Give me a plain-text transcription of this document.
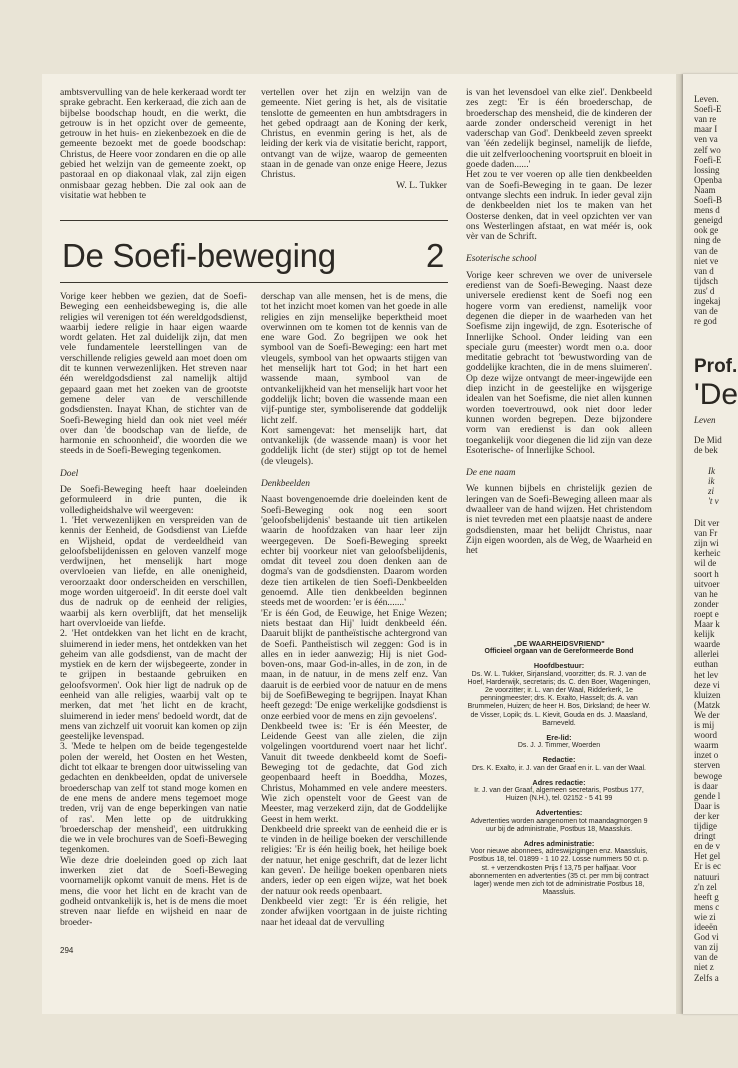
ambtsvervulling van de hele kerkeraad wordt ter sprake gebracht. Een kerkeraad, die zich aan de bijbelse boodschap houdt, en die werkt, die getrouw is in het opzicht over de gemeente, getrouw in het huis- en ziekenbezoek en die de gemeente bezoekt met de goede boodschap: Christus, de Heere voor zondaren en die op alle gebied het welzijn van de gemeente zoekt, op pastoraal en op diakonaal vlak, zal zijn eigen onmisbaar gezag hebben. Die zal ook aan de visitatie wat hebben te

vertellen over het zijn en welzijn van de gemeente. Niet gering is het, als de visitatie tenslotte de gemeenten en hun ambtsdragers in het gebed opdraagt aan de Koning der kerk, Christus, en evenmin gering is het, als de leiding der kerk via de visitatie bericht, rapport, ontvangt van de wijze, waarop de gemeenten staan in de genade van onze enige Heere, Jezus Christus.

W. L. Tukker

De Soefi-beweging	2

Vorige keer hebben we gezien, dat de Soefi-Beweging een eenheidsbeweging is, die alle religies wil verenigen tot één wereldgodsdienst, waarbij iedere religie in haar eigen waarde wordt gelaten. Het zal duidelijk zijn, dat men vele fundamentele leerstellingen van de verschillende religies geweld aan moet doen om dit te kunnen verwezenlijken. Het streven naar één wereldgodsdienst zal namelijk altijd gepaard gaan met het zoeken van de grootste gemene deler van de verschillende godsdiensten. Inayat Khan, de stichter van de Soefi-Beweging hield dan ook niet veel méér over dan 'de boodschap van de liefde, de harmonie en schoonheid', die woorden die we steeds in de Soefi-Beweging tegenkomen.

Doel

De Soefi-Beweging heeft haar doeleinden geformuleerd in drie punten, die ik volledigheidshalve wil weergeven:

1. 'Het verwezenlijken en verspreiden van de kennis der Eenheid, de Godsdienst van Liefde en Wijsheid, opdat de verdeeldheid van geloofsbelijdenissen en geloven vanzelf moge verdwijnen, het menselijk hart moge overvloeien van liefde, en alle onenigheid, veroorzaakt door onderscheiden en verschillen, moge worden uitgeroeid'. In dit eerste doel valt dus de nadruk op de eenheid der religies, waarbij als kern overblijft, dat het menselijk hart overvloeide van liefde.

2. 'Het ontdekken van het licht en de kracht, sluimerend in ieder mens, het ontdekken van het geheim van alle godsdienst, van de macht der mystiek en de kern der wijsbegeerte, zonder in te grijpen in bestaande gebruiken en geloofsvormen'. Ook hier ligt de nadruk op de eenheid van alle religies, waarbij valt op te merken, dat met 'het licht en de kracht, sluimerend in ieder mens' bedoeld wordt, dat de mens van zichzelf uit vooruit kan komen op zijn geestelijke levenspad.

3. 'Mede te helpen om de beide tegengestelde polen der wereld, het Oosten en het Westen, dicht tot elkaar te brengen door uitwisseling van gedachten en denkbeelden, opdat de universele broederschap van zelf tot stand moge komen en de ene mens de andere mens tegemoet moge treden, vrij van de enge beperkingen van natie of ras'. Men lette op de uitdrukking 'broederschap der mensheid', een uitdrukking die we in vele brochures van de Soefi-Beweging tegenkomen.

Wie deze drie doeleinden goed op zich laat inwerken ziet dat de Soefi-Beweging voornamelijk opkomt vanuit de mens. Het is de mens, die voor het licht en de kracht van de godheid ontvankelijk is, het is de mens die moet streven naar liefde en wijsheid en naar de broeder-

derschap van alle mensen, het is de mens, die tot het inzicht moet komen van het goede in alle religies en zijn menselijke beperktheid moet overwinnen om te komen tot de kennis van de ene ware God. Zo begrijpen we ook het symbool van de Soefi-Beweging: een hart met vleugels, symbool van het opwaarts stijgen van het menselijk hart tot God; in het hart een wassende maan, symbool van de ontvankelijkheid van het menselijk hart voor het goddelijk licht; boven die wassende maan een vijf-puntige ster, symboliserende dat goddelijk licht zelf.

Kort samengevat: het menselijk hart, dat ontvankelijk (de wassende maan) is voor het goddelijk licht (de ster) stijgt op tot de hemel (de vleugels).

Denkbeelden

Naast bovengenoemde drie doeleinden kent de Soefi-Beweging ook nog een soort 'geloofsbelijdenis' bestaande uit tien artikelen waarin de hoofdzaken van haar leer zijn weergegeven. De Soefi-Beweging spreekt echter bij voorkeur niet van geloofsbelijdenis, omdat dit teveel zou doen denken aan de dogma's van de godsdiensten. Daarom worden deze tien artikelen de tien Soefi-Denkbeelden genoemd. Alle tien denkbeelden beginnen steeds met de woorden: 'er is één.......'

'Er is één God, de Eeuwige, het Enige Wezen; niets bestaat dan Hij' luidt denkbeeld één. Daaruit blijkt de pantheïstische achtergrond van de Soefi. Pantheïstisch wil zeggen: God is in alles en in ieder aanwezig; Hij is niet God-boven-ons, maar God-in-alles, in de zon, in de maan, in de natuur, in de mens zelf enz. Van daaruit is de eerbied voor de natuur en de mens bij de SoefiBeweging te begrijpen. Inayat Khan heeft gezegd: 'De enige werkelijke godsdienst is onze eerbied voor de mens en zijn gevoelens'.

Denkbeeld twee is: 'Er is één Meester, de Leidende Geest van alle zielen, die zijn volgelingen voortdurend voert naar het licht'. Vanuit dit tweede denkbeeld komt de Soefi-Beweging tot de gedachte, dat God zich geopenbaard heeft in Boeddha, Mozes, Christus, Mohammed en vele andere meesters. Wie zich openstelt voor de Geest van de Meester, mag verzekerd zijn, dat de Goddelijke Geest in hem werkt.

Denkbeeld drie spreekt van de eenheid die er is te vinden in de heilige boeken der verschillende religies: 'Er is één heilig boek, het heilige boek der natuur, het enige geschrift, dat de lezer licht kan geven'. De heilige boeken openbaren niets anders, ieder op een eigen wijze, wat het boek der natuur ook reeds openbaart.

Denkbeeld vier zegt: 'Er is één religie, het zonder afwijken voortgaan in de juiste richting naar het ideaal dat de vervulling

is van het levensdoel van elke ziel'. Denkbeeld zes zegt: 'Er is één broederschap, de broederschap des mensheid, die de kinderen der aarde zonder onderscheid verenigt in het vaderschap van God'. Denkbeeld zeven spreekt van 'één zedelijk beginsel, namelijk de liefde, die uit zelfverloochening voortspruit en bloeit in goede daden......'

Het zou te ver voeren op alle tien denkbeelden van de Soefi-Beweging in te gaan. De lezer ontvange slechts een indruk. In ieder geval zijn de denkbeelden niet los te maken van het Oosterse denken, dat in veel opzichten ver van ons Westerlingen afstaat, en wat méér is, ook vèr van de Schrift.

Esoterische school

Vorige keer schreven we over de universele eredienst van de Soefi-Beweging. Naast deze universele eredienst kent de Soefi nog een hogere vorm van eredienst, namelijk voor degenen die dieper in de waarheden van het Soefisme zijn ingewijd, de zgn. Esoterische of Innerlijke School. Onder leiding van een speciale guru (meester) wordt men o.a. door meditatie gebracht tot 'bewustwording van de goddelijke krachten, die in de mens sluimeren'. Op deze wijze ontvangt de meer-ingewijde een diep inzicht in de geestelijke en wijsgerige idealen van het Soefisme, die niet allen kunnen worden toevertrouwd, ook niet door leder kunnen worden begrepen. Deze bijzondere vorm van eredienst is dan ook alleen toegankelijk voor diegenen die lid zijn van deze Esoterische- of Innerlijke School.

De ene naam

We kunnen bijbels en christelijk gezien de leringen van de Soefi-Beweging alleen maar als dwaalleer van de hand wijzen. Het christendom is niet tevreden met een plaatsje naast de andere godsdiensten, maar het belijdt Christus, naar Zijn eigen woorden, als de Weg, de Waarheid en het

„DE WAARHEIDSVRIEND"
Officieel orgaan van de Gereformeerde Bond
Hoofdbestuur:
Ds. W. L. Tukker, Sirjansland, voorzitter; ds. R. J. van de Hoef, Harderwijk, secretaris; ds. C. den Boer, Wageningen, 2e voorzitter; ir. L. van der Waal, Ridderkerk, 1e penningmeester; drs. K. Exalto, Hasselt; ds. A. van Brummelen, Huizen; de heer H. Bos, Dirksland; de heer W. de Visser, Lopik; ds. L. Kievit, Gouda en ds. J. Maasland, Barneveld.
Ere-lid:
Ds. J. J. Timmer, Woerden
Redactie:
Drs. K. Exalto, ir. J. van der Graaf en ir. L. van der Waal.
Adres redactie:
Ir. J. van der Graaf, algemeen secretaris, Postbus 177, Huizen (N.H.), tel. 02152 - 5 41 99
Advertenties:
Advertenties worden aangenomen tot maandagmorgen 9 uur bij de administratie, Postbus 18, Maassluis.
Adres administratie:
Voor nieuwe abonnees, adreswijzigingen enz. Maassluis, Postbus 18, tel. 01899 - 1 10 22. Losse nummers 50 ct. p. st. + verzendkosten Prijs f 13,75 per halfjaar. Voor abonnementen en advertenties (35 ct. per mm bij contract lager) wende men zich tot de administratie Postbus 18, Maassluis.
294
Leven.
Soefi-E
van re
maar I
ven va
zelf wo
Foefi-E
lossing
Openba
Naam
Soefi-B
mens d
geneigd
ook ge
ning de
van de
niet ve
van d
tijdsch
zus' d
ingekaj
van de
re god
Prof.
'De
Leven
De Mid
de bek
Ik
ik
zi
't v
Dit ver
van Fr
zijn wi
kerheic
wil de
soort h
uitvoer
van he
zonder
roept e
Maar k
kelijk
waarde
allerlei
euthan
het lev
deze vi
kluizen
(Matzk
We der
is mij
woord
waarm
inzet o
sterven
bewoge
is daar
gende l
Daar is
der ker
tijdige
dringt
en de v
Het gel
Er is ec
natuuri
z'n zel
heeft g
mens c
wie zi
ideeën
God vi
van zij
van de
niet z
Zelfs a
